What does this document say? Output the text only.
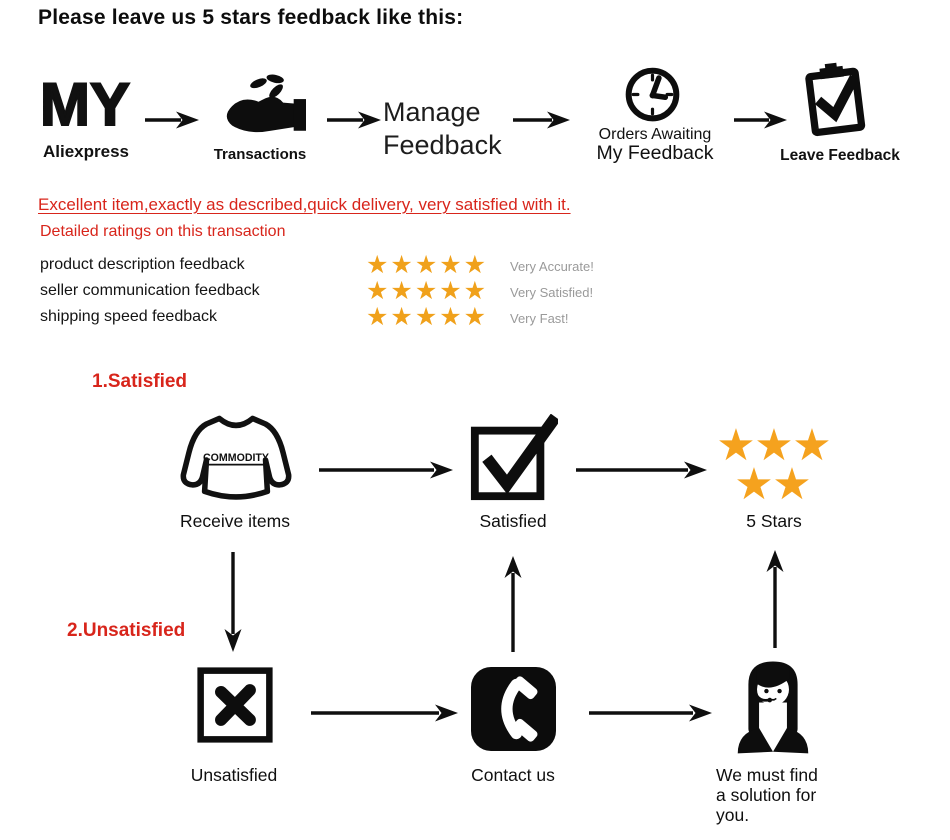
Please leave us 5 stars feedback like this:
MY
Aliexpress	Transactions
Manage
Feedback	Orders Awaiting
My Feedback	Leave Feedback
Excellent item,exactly as described,quick delivery, very satisfied with it.
Detailed ratings on this transaction
product description feedback	★★★★★ Very Accurate!
seller communication feedback	★★★★★ Very Satisfied!
shipping speed feedback	★★★★★ Very Fast!
1.Satisfied
COMMODITY
Receive items	Satisfied
★
★
★
★
★
5 Stars
2.Unsatisfied
Unsatisfied	Contact us	We must find
a solution for
you.
